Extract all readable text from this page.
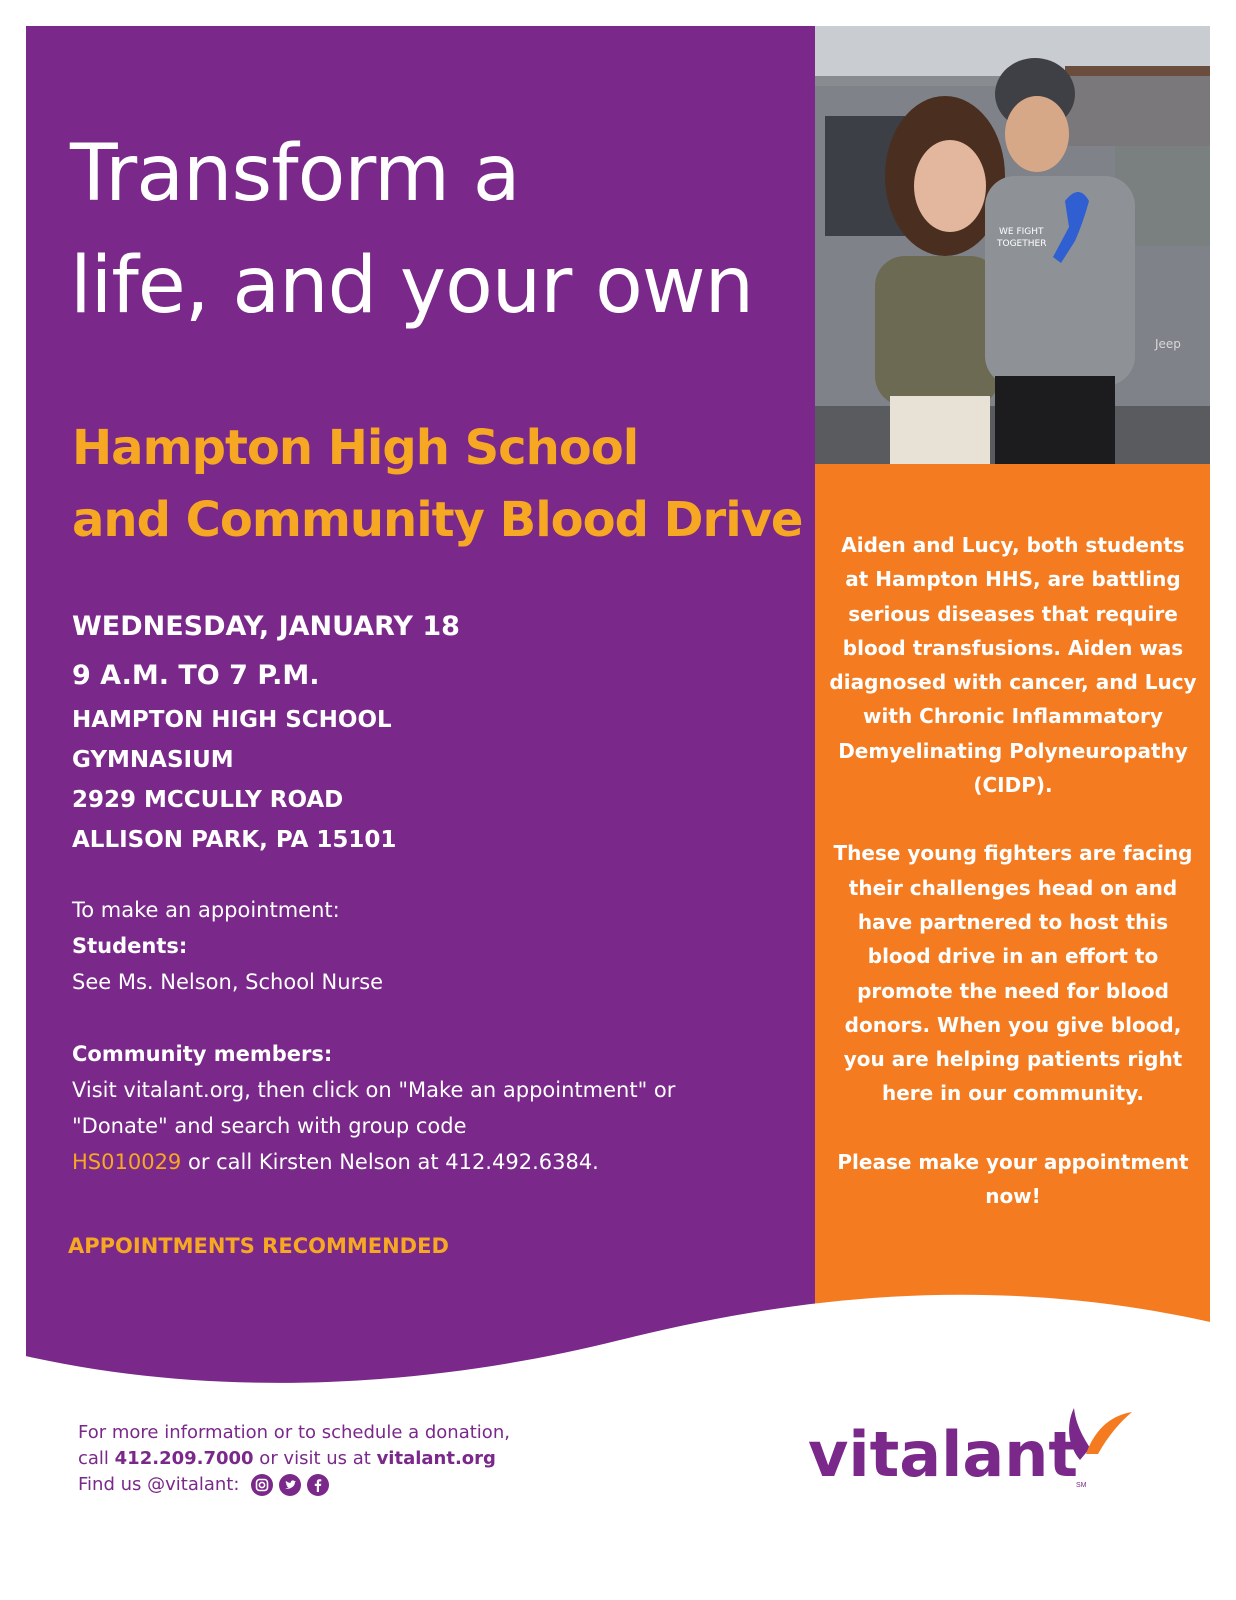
WE FIGHT
TOGETHER
Jeep
Transform a
life, and your own
Hampton High School
and Community Blood Drive
WEDNESDAY, JANUARY 18
9 A.M. TO 7 P.M.
HAMPTON HIGH SCHOOL
GYMNASIUM
2929 MCCULLY ROAD
ALLISON PARK, PA 15101
To make an appointment:
Students:
See Ms. Nelson, School Nurse
Community members:
Visit vitalant.org, then click on "Make an appointment" or
"Donate" and search with group code
HS010029 or call Kirsten Nelson at 412.492.6384.
APPOINTMENTS RECOMMENDED

Aiden and Lucy, both students at Hampton HHS, are battling serious diseases that require blood transfusions. Aiden was diagnosed with cancer, and Lucy with Chronic Inflammatory Demyelinating Polyneuropathy (CIDP).

These young fighters are facing their challenges head on and have partnered to host this blood drive in an effort to promote the need for blood donors. When you give blood, you are helping patients right here in our community.

Please make your appointment now!

For more information or to schedule a donation,
call 412.209.7000 or visit us at vitalant.org
Find us @vitalant:	vitalant
SM
